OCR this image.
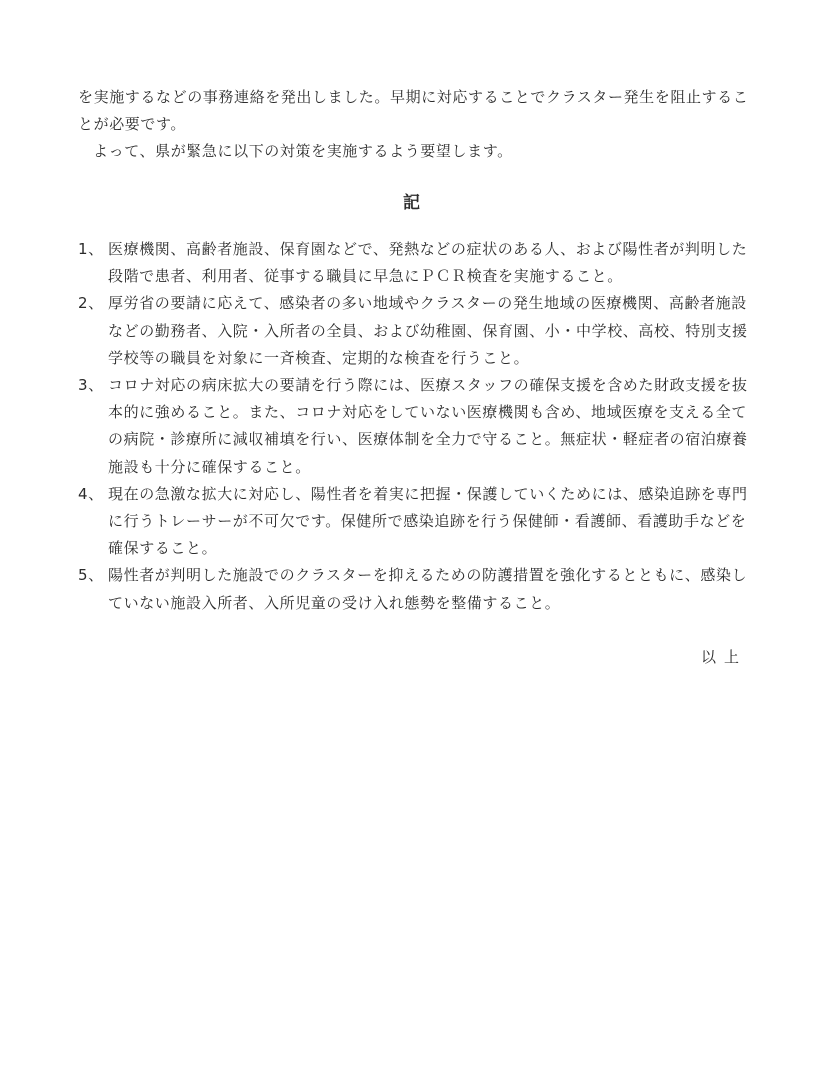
を実施するなどの事務連絡を発出しました。早期に対応することでクラスター発生を阻止することが必要です。

よって、県が緊急に以下の対策を実施するよう要望します。

記
1、 医療機関、高齢者施設、保育園などで、発熱などの症状のある人、および陽性者が判明した段階で患者、利用者、従事する職員に早急にＰＣＲ検査を実施すること。
2、 厚労省の要請に応えて、感染者の多い地域やクラスターの発生地域の医療機関、高齢者施設などの勤務者、入院・入所者の全員、および幼稚園、保育園、小・中学校、高校、特別支援学校等の職員を対象に一斉検査、定期的な検査を行うこと。
3、 コロナ対応の病床拡大の要請を行う際には、医療スタッフの確保支援を含めた財政支援を抜本的に強めること。また、コロナ対応をしていない医療機関も含め、地域医療を支える全ての病院・診療所に減収補填を行い、医療体制を全力で守ること。無症状・軽症者の宿泊療養施設も十分に確保すること。
4、 現在の急激な拡大に対応し、陽性者を着実に把握・保護していくためには、感染追跡を専門に行うトレーサーが不可欠です。保健所で感染追跡を行う保健師・看護師、看護助手などを確保すること。
5、 陽性者が判明した施設でのクラスターを抑えるための防護措置を強化するとともに、感染していない施設入所者、入所児童の受け入れ態勢を整備すること。

以上
